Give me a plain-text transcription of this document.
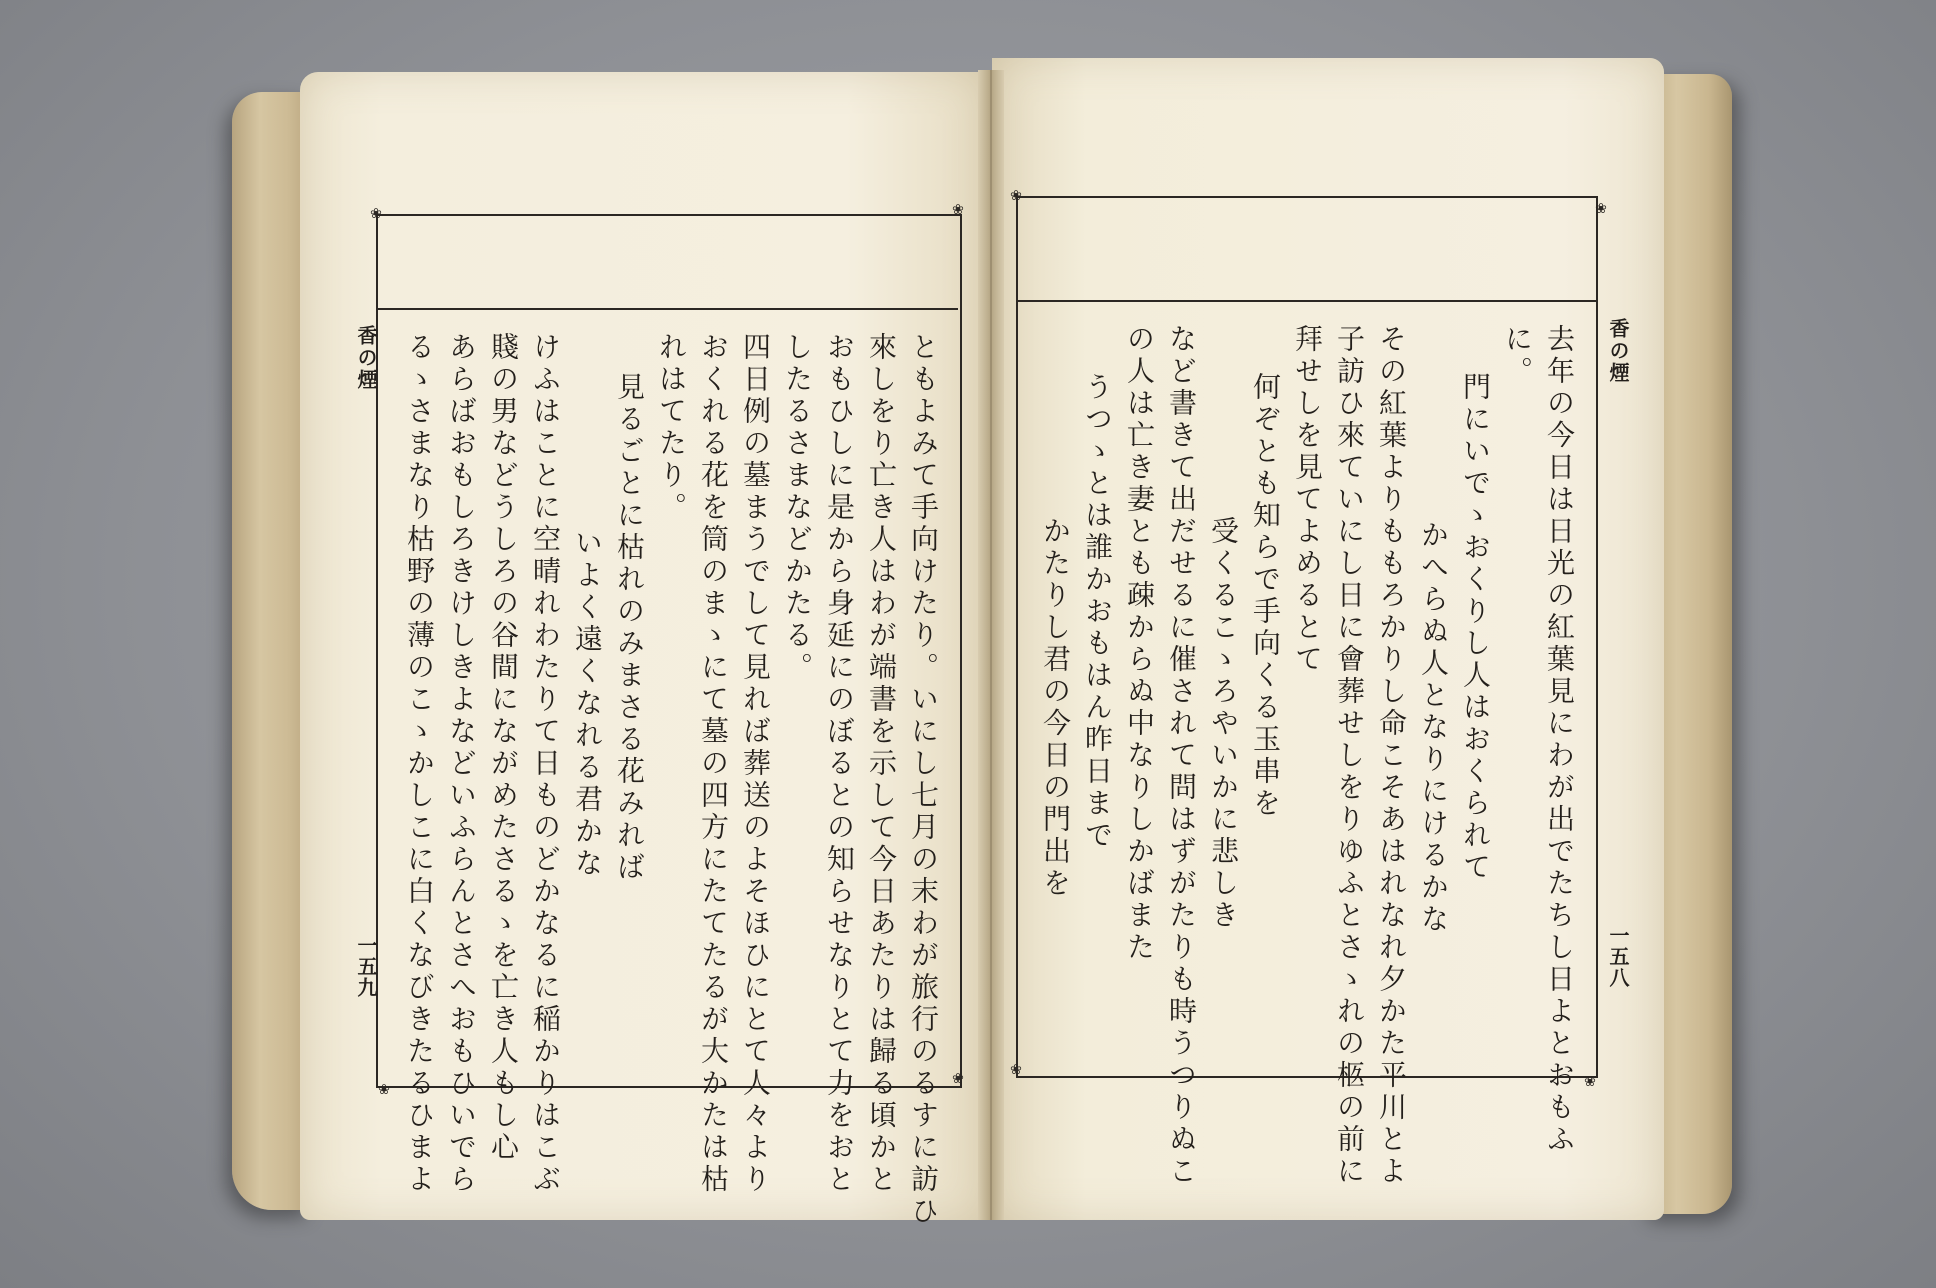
❀	❀
❀
❀
❀
❀
❀
❀
香の煙
一五九
香の煙
一五八
ともよみて手向けたり。いにし七月の末わが旅行のるすに訪ひ
來しをり亡き人はわが端書を示して今日あたりは歸る頃かと
おもひしに是から身延にのぼるとの知らせなりとて力をおと
したるさまなどかたる。
四日例の墓まうでして見れば葬送のよそほひにとて人々より
おくれる花を筒のまゝにて墓の四方にたてたるが大かたは枯
れはてたり。
見るごとに枯れのみまさる花みれば
いよく遠くなれる君かな
けふはことに空晴れわたりて日ものどかなるに稲かりはこぶ
賤の男などうしろの谷間にながめたさるゝを亡き人もし心
あらばおもしろきけしきよなどいふらんとさへおもひいでら
るゝさまなり枯野の薄のこゝかしこに白くなびきたるひまよ	去年の今日は日光の紅葉見にわが出でたちし日よとおもふ
に。
門にいでゝおくりし人はおくられて
かへらぬ人となりにけるかな
その紅葉よりももろかりし命こそあはれなれ夕かた平川とよ
子訪ひ來ていにし日に會葬せしをりゆふとさゝれの柩の前に
拜せしを見てよめるとて
何ぞとも知らで手向くる玉串を
受くるこゝろやいかに悲しき
など書きて出だせるに催されて問はずがたりも時うつりぬこ
の人は亡き妻とも疎からぬ中なりしかばまた
うつゝとは誰かおもはん昨日まで
かたりし君の今日の門出を
